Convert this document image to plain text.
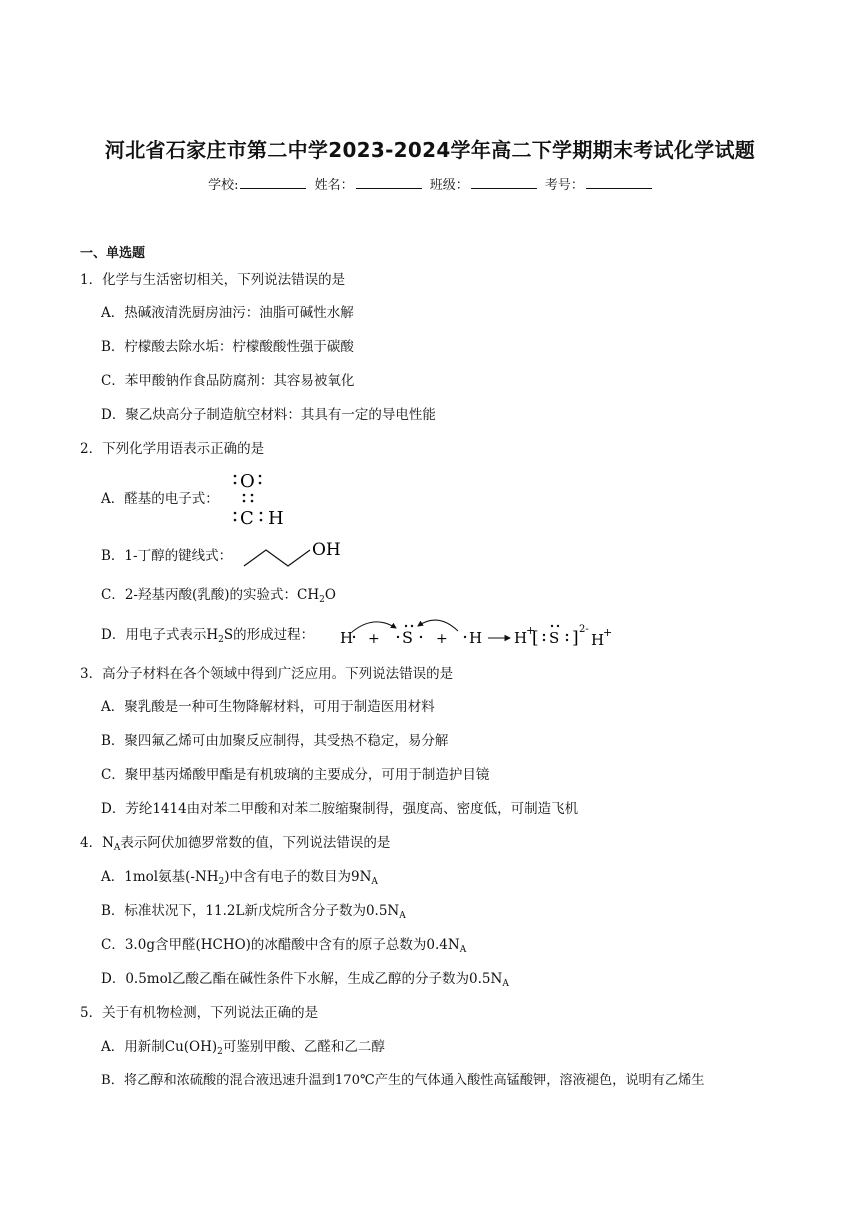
河北省石家庄市第二中学2023-2024学年高二下学期期末考试化学试题
学校:	姓名：	班级：	考号：
一、单选题
1．化学与生活密切相关，下列说法错误的是
A．热碱液清洗厨房油污：油脂可碱性水解
B．柠檬酸去除水垢：柠檬酸酸性强于碳酸
C．苯甲酸钠作食品防腐剂：其容易被氧化
D．聚乙炔高分子制造航空材料：其具有一定的导电性能
2．下列化学用语表示正确的是
A．醛基的电子式：
O
C H
B．1-丁醇的键线式：	OH
C．2-羟基丙酸(乳酸)的实验式：$CH_2O$
D．用电子式表示$H_2S$的形成过程： H + S + H H
+
[ S ] 2-
H
+
3．高分子材料在各个领域中得到广泛应用。下列说法错误的是
A．聚乳酸是一种可生物降解材料，可用于制造医用材料
B．聚四氟乙烯可由加聚反应制得，其受热不稳定，易分解
C．聚甲基丙烯酸甲酯是有机玻璃的主要成分，可用于制造护目镜
D．芳纶1414由对苯二甲酸和对苯二胺缩聚制得，强度高、密度低，可制造飞机
4．$N_A$表示阿伏加德罗常数的值，下列说法错误的是
A．1mol氨基$(-NH_2)$中含有电子的数目为$9N_A$
B．标准状况下，11.2L新戊烷所含分子数为$0.5N_A$
C．3.0g含甲醛(HCHO)的冰醋酸中含有的原子总数为$0.4N_A$
D．0.5mol乙酸乙酯在碱性条件下水解，生成乙醇的分子数为$0.5N_A$
5．关于有机物检测，下列说法正确的是
A．用新制$Cu(OH)_2$可鉴别甲酸、乙醛和乙二醇
B．将乙醇和浓硫酸的混合液迅速升温到170℃产生的气体通入酸性高锰酸钾，溶液褪色，说明有乙烯生
